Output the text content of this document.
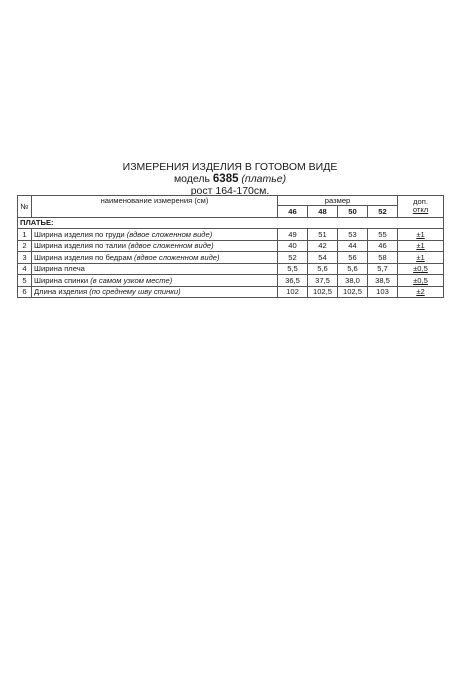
ИЗМЕРЕНИЯ ИЗДЕЛИЯ В ГОТОВОМ ВИДЕ
модель 6385 (платье)
рост 164-170см.
№	наименование измерения (см)	размер				доп.
откл

		46	48	50	52	
ПЛАТЬЕ:						
1	Ширина изделия по груди (вдвое сложенном виде)	49	51	53	55	±1
2	Ширина изделия по талии (вдвое сложенном виде)	40	42	44	46	±1
3	Ширина изделия по бедрам (вдвое сложенном виде)	52	54	56	58	±1
4	Ширина плеча	5,5	5,6	5,6	5,7	±0,5
5	Ширина спинки (в самом узком месте)	36,5	37,5	38,0	38,5	±0,5
6	Длина изделия (по среднему шву спинки)	102	102,5	102,5	103	±2
